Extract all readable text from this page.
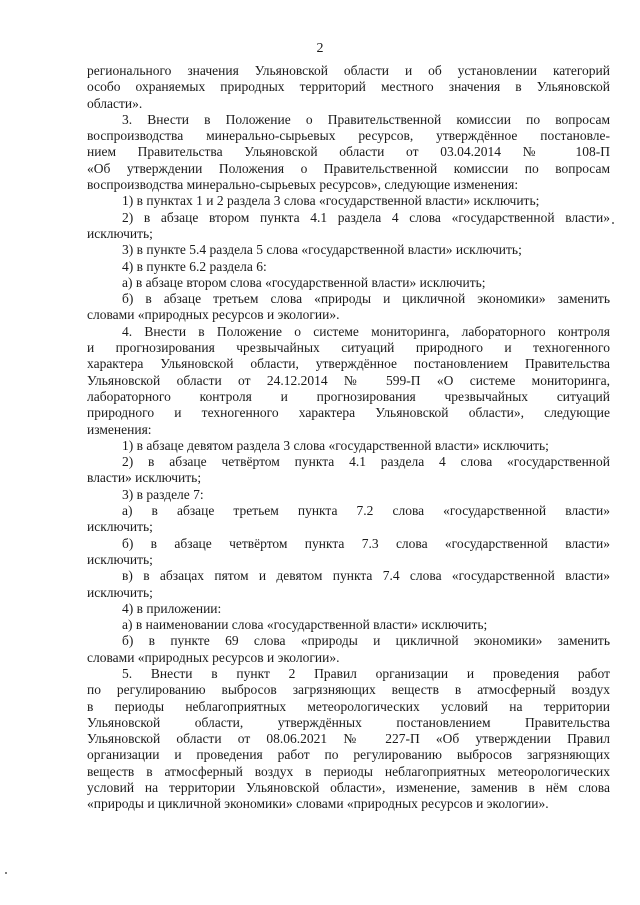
2
регионального значения Ульяновской области и об установлении категорий
особо охраняемых природных территорий местного значения в Ульяновской
области».
3. Внести в Положение о Правительственной комиссии по вопросам
воспроизводства минерально-сырьевых ресурсов, утверждённое постановле-
нием Правительства Ульяновской области от 03.04.2014 № 108-П
«Об утверждении Положения о Правительственной комиссии по вопросам
воспроизводства минерально-сырьевых ресурсов», следующие изменения:
1) в пунктах 1 и 2 раздела 3 слова «государственной власти» исключить;
2) в абзаце втором пункта 4.1 раздела 4 слова «государственной власти»
исключить;
3) в пункте 5.4 раздела 5 слова «государственной власти» исключить;
4) в пункте 6.2 раздела 6:
а) в абзаце втором слова «государственной власти» исключить;
б) в абзаце третьем слова «природы и цикличной экономики» заменить
словами «природных ресурсов и экологии».
4. Внести в Положение о системе мониторинга, лабораторного контроля
и прогнозирования чрезвычайных ситуаций природного и техногенного
характера Ульяновской области, утверждённое постановлением Правительства
Ульяновской области от 24.12.2014 № 599-П «О системе мониторинга,
лабораторного контроля и прогнозирования чрезвычайных ситуаций
природного и техногенного характера Ульяновской области», следующие
изменения:
1) в абзаце девятом раздела 3 слова «государственной власти» исключить;
2) в абзаце четвёртом пункта 4.1 раздела 4 слова «государственной
власти» исключить;
3) в разделе 7:
а) в абзаце третьем пункта 7.2 слова «государственной власти»
исключить;
б) в абзаце четвёртом пункта 7.3 слова «государственной власти»
исключить;
в) в абзацах пятом и девятом пункта 7.4 слова «государственной власти»
исключить;
4) в приложении:
а) в наименовании слова «государственной власти» исключить;
б) в пункте 69 слова «природы и цикличной экономики» заменить
словами «природных ресурсов и экологии».
5. Внести в пункт 2 Правил организации и проведения работ
по регулированию выбросов загрязняющих веществ в атмосферный воздух
в периоды неблагоприятных метеорологических условий на территории
Ульяновской области, утверждённых постановлением Правительства
Ульяновской области от 08.06.2021 № 227-П «Об утверждении Правил
организации и проведения работ по регулированию выбросов загрязняющих
веществ в атмосферный воздух в периоды неблагоприятных метеорологических
условий на территории Ульяновской области», изменение, заменив в нём слова
«природы и цикличной экономики» словами «природных ресурсов и экологии».
